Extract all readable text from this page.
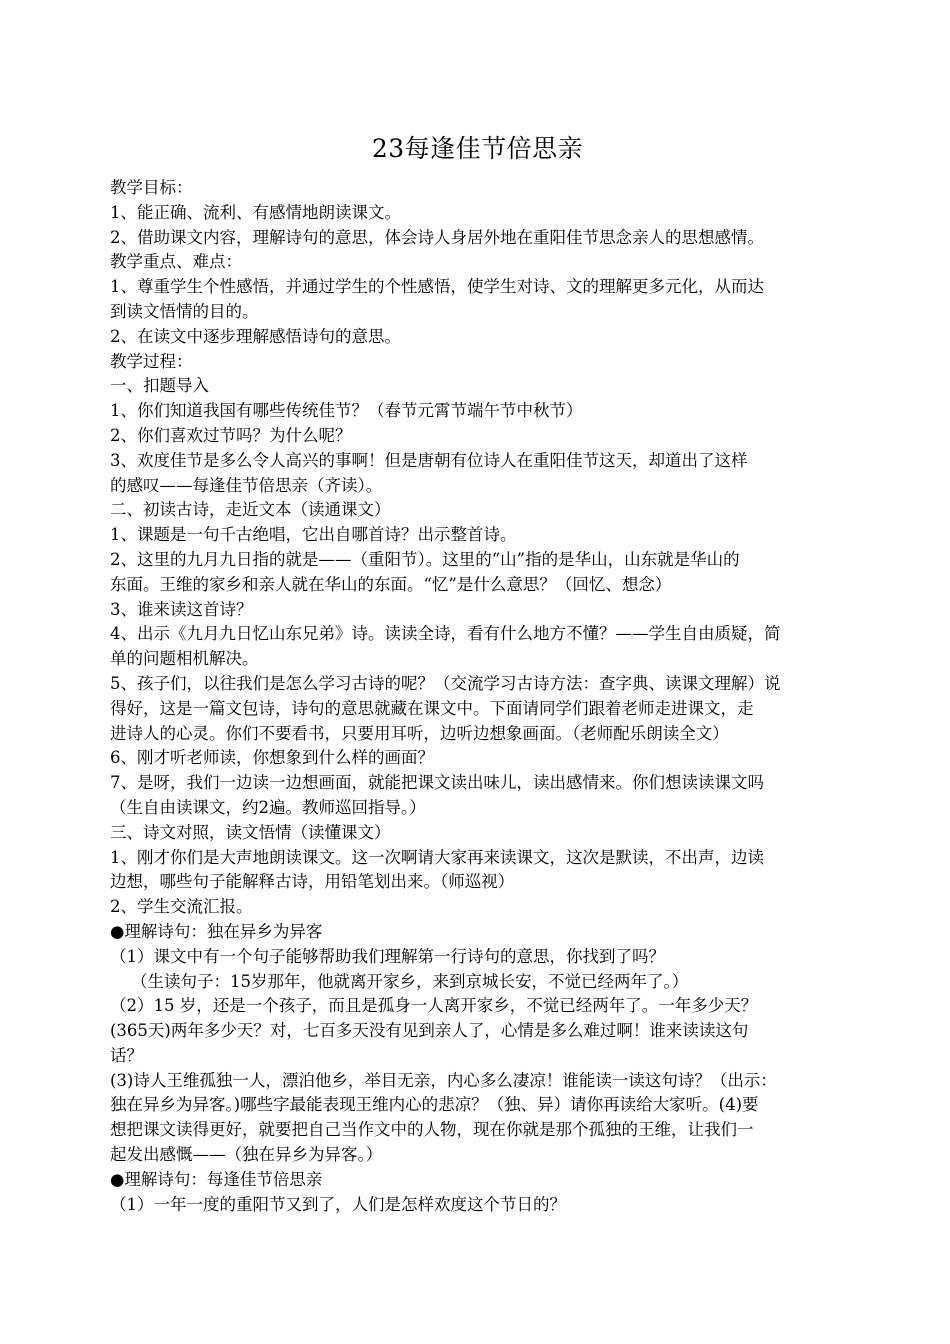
23每逢佳节倍思亲
教学目标：
1、能正确、流利、有感情地朗读课文。
2、借助课文内容，理解诗句的意思，体会诗人身居外地在重阳佳节思念亲人的思想感情。
教学重点、难点：
1、尊重学生个性感悟，并通过学生的个性感悟，使学生对诗、文的理解更多元化，从而达
到读文悟情的目的。
2、在读文中逐步理解感悟诗句的意思。
教学过程：
一、扣题导入
1、你们知道我国有哪些传统佳节？（春节元霄节端午节中秋节）
2、你们喜欢过节吗？为什么呢？
3、欢度佳节是多么令人高兴的事啊！但是唐朝有位诗人在重阳佳节这天，却道出了这样
的感叹——每逢佳节倍思亲（齐读）。
二、初读古诗，走近文本（读通课文）
1、课题是一句千古绝唱，它出自哪首诗？出示整首诗。
2、这里的九月九日指的就是——（重阳节）。这里的“山”指的是华山，山东就是华山的
东面。王维的家乡和亲人就在华山的东面。“忆”是什么意思？（回忆、想念）
3、谁来读这首诗？
4、出示《九月九日忆山东兄弟》诗。读读全诗，看有什么地方不懂？——学生自由质疑，简
单的问题相机解决。
5、孩子们，以往我们是怎么学习古诗的呢？（交流学习古诗方法：查字典、读课文理解）说
得好，这是一篇文包诗，诗句的意思就藏在课文中。下面请同学们跟着老师走进课文，走
进诗人的心灵。你们不要看书，只要用耳听，边听边想象画面。（老师配乐朗读全文）
6、刚才听老师读，你想象到什么样的画面？
7、是呀，我们一边读一边想画面，就能把课文读出味儿，读出感情来。你们想读读课文吗
（生自由读课文，约2遍。教师巡回指导。）
三、诗文对照，读文悟情（读懂课文）
1、刚才你们是大声地朗读课文。这一次啊请大家再来读课文，这次是默读，不出声，边读
边想，哪些句子能解释古诗，用铅笔划出来。（师巡视）
2、学生交流汇报。
●理解诗句：独在异乡为异客
（1）课文中有一个句子能够帮助我们理解第一行诗句的意思，你找到了吗？
（生读句子：15岁那年，他就离开家乡，来到京城长安，不觉已经两年了。）
（2）15 岁，还是一个孩子，而且是孤身一人离开家乡，不觉已经两年了。一年多少天？
(365天)两年多少天？对，七百多天没有见到亲人了，心情是多么难过啊！谁来读读这句
话？
(3)诗人王维孤独一人，漂泊他乡，举目无亲，内心多么凄凉！谁能读一读这句诗？（出示：
独在异乡为异客。)哪些字最能表现王维内心的悲凉？（独、异）请你再读给大家听。(4)要
想把课文读得更好，就要把自己当作文中的人物，现在你就是那个孤独的王维，让我们一
起发出感慨——（独在异乡为异客。）
●理解诗句：每逢佳节倍思亲
（1）一年一度的重阳节又到了，人们是怎样欢度这个节日的？
